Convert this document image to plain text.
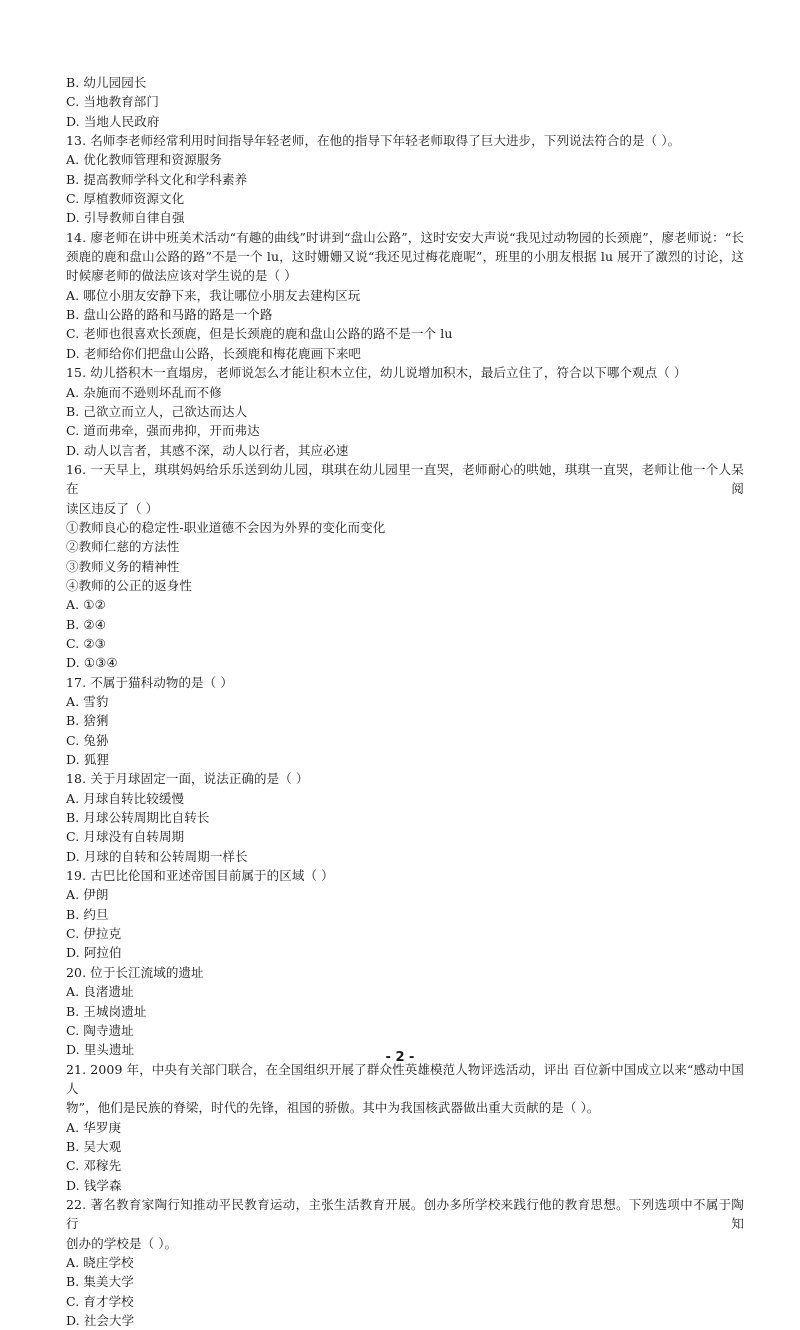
B. 幼儿园园长
C. 当地教育部门
D. 当地人民政府
13. 名师李老师经常利用时间指导年轻老师，在他的指导下年轻老师取得了巨大进步，下列说法符合的是（ ）。
A. 优化教师管理和资源服务
B. 提高教师学科文化和学科素养
C. 厚植教师资源文化
D. 引导教师自律自强
14. 廖老师在讲中班美术活动“有趣的曲线”时讲到“盘山公路”，这时安安大声说“我见过动物园的长颈鹿”，廖老师说：“长
颈鹿的鹿和盘山公路的路”不是一个 lu，这时姗姗又说“我还见过梅花鹿呢”，班里的小朋友根据 lu 展开了激烈的讨论，这
时候廖老师的做法应该对学生说的是（ ）
A. 哪位小朋友安静下来，我让哪位小朋友去建构区玩
B. 盘山公路的路和马路的路是一个路
C. 老师也很喜欢长颈鹿，但是长颈鹿的鹿和盘山公路的路不是一个 lu
D. 老师给你们把盘山公路，长颈鹿和梅花鹿画下来吧
15. 幼儿搭积木一直塌房，老师说怎么才能让积木立住，幼儿说增加积木，最后立住了，符合以下哪个观点（ ）
A. 杂施而不逊则坏乱而不修
B. 己欲立而立人，己欲达而达人
C. 道而弗牵，强而弗抑，开而弗达
D. 动人以言者，其感不深，动人以行者，其应必速
16. 一天早上，琪琪妈妈给乐乐送到幼儿园，琪琪在幼儿园里一直哭，老师耐心的哄她，琪琪一直哭，老师让他一个人呆在阅
读区违反了（ ）
①教师良心的稳定性-职业道德不会因为外界的变化而变化
②教师仁慈的方法性
③教师义务的精神性
④教师的公正的返身性
A. ①②
B. ②④
C. ②③
D. ①③④
17. 不属于猫科动物的是（ ）
A. 雪豹
B. 猞猁
C. 兔狲
D. 狐狸
18. 关于月球固定一面，说法正确的是（ ）
A. 月球自转比较缓慢
B. 月球公转周期比自转长
C. 月球没有自转周期
D. 月球的自转和公转周期一样长
19. 古巴比伦国和亚述帝国目前属于的区域（ ）
A. 伊朗
B. 约旦
C. 伊拉克
D. 阿拉伯
20. 位于长江流域的遗址
A. 良渚遗址
B. 王城岗遗址
C. 陶寺遗址
D. 里头遗址
21. 2009 年，中央有关部门联合，在全国组织开展了群众性英雄模范人物评选活动，评出 百位新中国成立以来“感动中国人
物”，他们是民族的脊梁，时代的先锋，祖国的骄傲。其中为我国核武器做出重大贡献的是（ ）。
A. 华罗庚
B. 吴大观
C. 邓稼先
D. 钱学森
22. 著名教育家陶行知推动平民教育运动，主张生活教育开展。创办多所学校来践行他的教育思想。下列选项中不属于陶行知
创办的学校是（ ）。
A. 晓庄学校
B. 集美大学
C. 育才学校
D. 社会大学
- 2 -
